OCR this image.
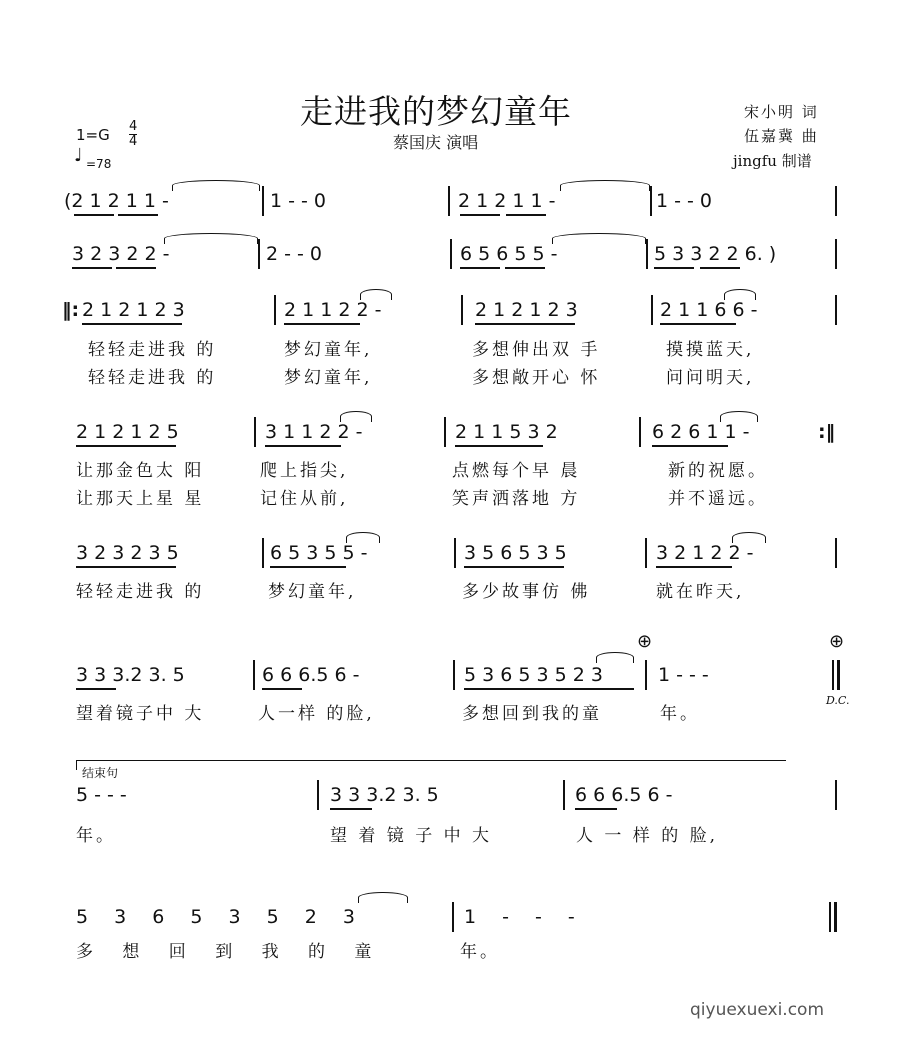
走进我的梦幻童年
蔡国庆 演唱
宋小明 词
伍嘉冀 曲
jingfu 制谱
1=G 4
4
♩ =78
(2 1 2 1 1 -	1 - - 0	2 1 2 1 1 -	1 - - 0
3 2 3 2 2 -	2 - - 0	6 5 6 5 5 -	5 3 3 2 2 6. )
‖: 2 1 2 1 2 3	2 1 1 2 2 -	2 1 2 1 2 3	2 1 1 6 6 -
轻轻走进我 的	梦幻童年,	多想伸出双 手	摸摸蓝天,
轻轻走进我 的	梦幻童年,	多想敞开心 怀	问问明天,
2 1 2 1 2 5	3 1 1 2 2 -	2 1 1 5 3 2	6 2 6 1 1 -	:‖
让那金色太 阳	爬上指尖,	点燃每个早 晨	新的祝愿。
让那天上星 星	记住从前,	笑声洒落地 方	并不遥远。
3 2 3 2 3 5	6 5 3 5 5 -	3 5 6 5 3 5	3 2 1 2 2 -
轻轻走进我 的	梦幻童年,	多少故事仿 佛	就在昨天,
⊕	⊕
3 3 3.2 3. 5	6 6 6.5 6 -	5 3 6 5 3 5 2 3	1 - - -
D.C.
望着镜子中 大	人一样 的脸,	多想回到我的童	年。
结束句
5 - - -	3 3 3.2 3. 5	6 6 6.5 6 -
年。	望 着 镜 子 中 大	人 一 样 的 脸,
5 3 6 5 3 5 2 3	1 - - -
多 想 回 到 我 的 童	年。
qiyuexuexi.com
